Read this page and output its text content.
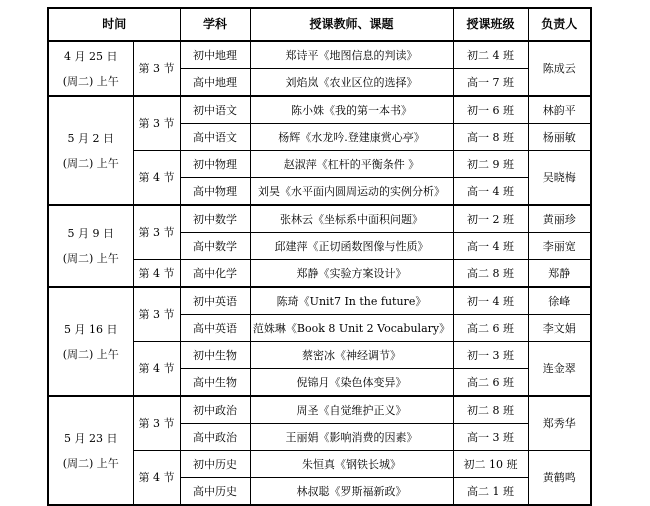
时间		学科	授课教师、课题	授课班级	负责人

4 月 25 日
(周二) 上午	第 3 节	初中地理	郑诗平《地图信息的判读》	初二 4 班	陈成云
		高中地理	刘焰岚《农业区位的选择》	高一 7 班	

5 月 2 日
(周二) 上午	第 3 节	初中语文	陈小姝《我的第一本书》	初一 6 班	林韵平
		高中语文	杨辉《水龙吟.登建康赏心亭》	高一 8 班	杨丽敏
	第 4 节	初中物理	赵淑萍《杠杆的平衡条件 》	初二 9 班	吴晓梅
		高中物理	刘昊《水平面内圆周运动的实例分析》	高一 4 班	

5 月 9 日
(周二) 上午	第 3 节	初中数学	张林云《坐标系中面积问题》	初一 2 班	黄丽珍
		高中数学	邱建萍《正切函数图像与性质》	高一 4 班	李丽宽
	第 4 节	高中化学	郑静《实验方案设计》	高二 8 班	郑静

5 月 16 日
(周二) 上午	第 3 节	初中英语	陈琦《Unit7 In the future》	初一 4 班	徐峰
		高中英语	范姝琳《Book 8 Unit 2 Vocabulary》	高二 6 班	李文娟
	第 4 节	初中生物	蔡密冰《神经调节》	初一 3 班	连金翠
		高中生物	倪锦月《染色体变异》	高二 6 班	

5 月 23 日
(周二) 上午	第 3 节	初中政治	周圣《自觉维护正义》	初二 8 班	郑秀华
		高中政治	王丽娟《影响消费的因素》	高一 3 班	
	第 4 节	初中历史	朱恒真《钢铁长城》	初二 10 班	黄鹤鸣
		高中历史	林叔聪《罗斯福新政》	高二 1 班	
